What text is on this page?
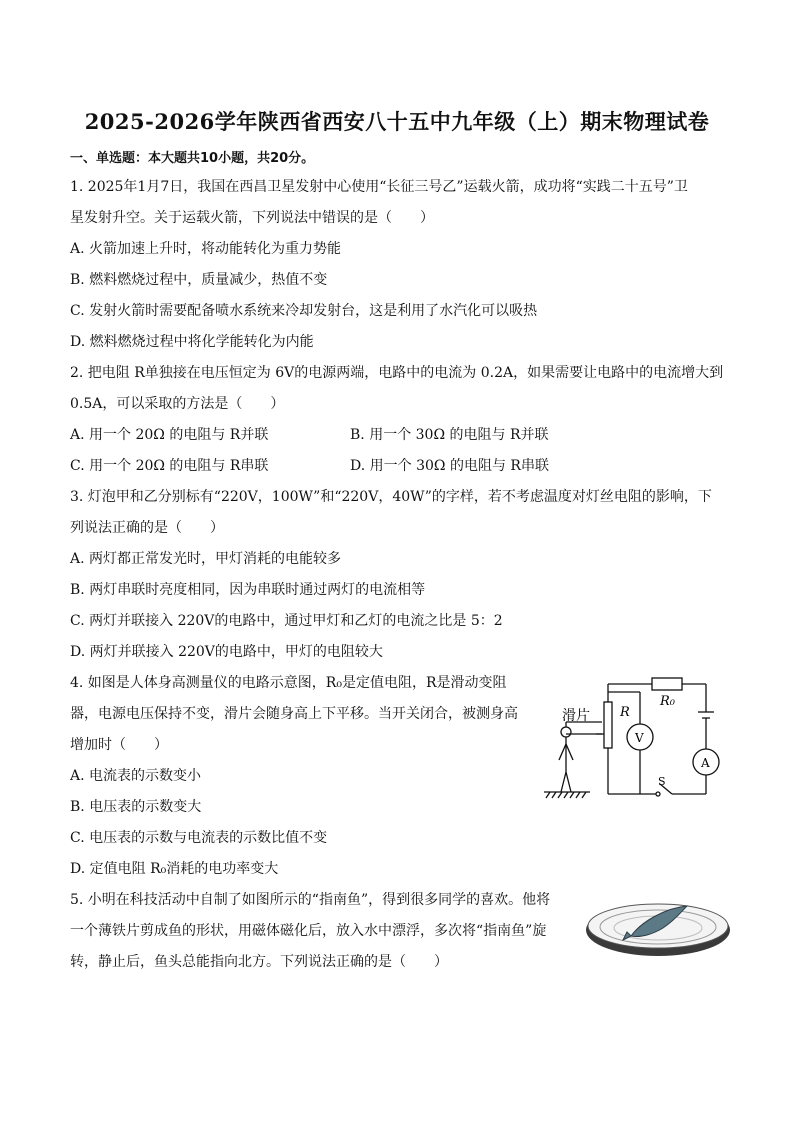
2025-2026学年陕西省西安八十五中九年级（上）期末物理试卷
一、单选题：本大题共10小题，共20分。
1. 2025年1月7日，我国在西昌卫星发射中心使用“长征三号乙”运载火箭，成功将“实践二十五号”卫
星发射升空。关于运载火箭，下列说法中错误的是（　　）
A. 火箭加速上升时，将动能转化为重力势能
B. 燃料燃烧过程中，质量减少，热值不变
C. 发射火箭时需要配备喷水系统来冷却发射台，这是利用了水汽化可以吸热
D. 燃料燃烧过程中将化学能转化为内能
2. 把电阻 R单独接在电压恒定为 6V的电源两端，电路中的电流为 0.2A，如果需要让电路中的电流增大到
0.5A，可以采取的方法是（　　）
A. 用一个 20Ω 的电阻与 R并联	B. 用一个 30Ω 的电阻与 R并联
C. 用一个 20Ω 的电阻与 R串联	D. 用一个 30Ω 的电阻与 R串联
3. 灯泡甲和乙分别标有“220V，100W”和“220V，40W”的字样，若不考虑温度对灯丝电阻的影响，下
列说法正确的是（　　）
A. 两灯都正常发光时，甲灯消耗的电能较多
B. 两灯串联时亮度相同，因为串联时通过两灯的电流相等
C. 两灯并联接入 220V的电路中，通过甲灯和乙灯的电流之比是 5：2
D. 两灯并联接入 220V的电路中，甲灯的电阻较大
4. 如图是人体身高测量仪的电路示意图，R₀是定值电阻，R是滑动变阻
器，电源电压保持不变，滑片会随身高上下平移。当开关闭合，被测身高
增加时（　　）
A. 电流表的示数变小
B. 电压表的示数变大
C. 电压表的示数与电流表的示数比值不变
D. 定值电阻 R₀消耗的电功率变大
滑片 R
R₀
V
A
S
5. 小明在科技活动中自制了如图所示的“指南鱼”，得到很多同学的喜欢。他将
一个薄铁片剪成鱼的形状，用磁体磁化后，放入水中漂浮，多次将“指南鱼”旋
转，静止后，鱼头总能指向北方。下列说法正确的是（　　）
